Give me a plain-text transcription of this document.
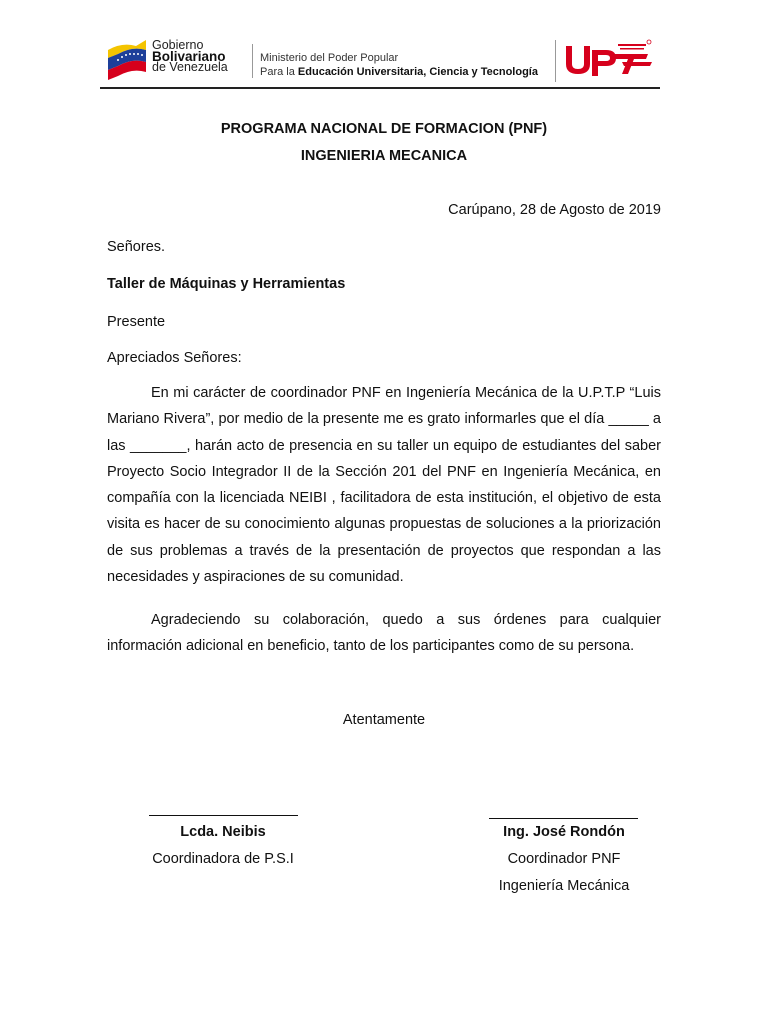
Gobierno
Bolivariano
de Venezuela
Ministerio del Poder Popular
Para la Educación Universitaria, Ciencia y Tecnología
PROGRAMA NACIONAL DE FORMACION (PNF)
INGENIERIA MECANICA
Carúpano, 28 de Agosto de 2019
Señores.
Taller de Máquinas y Herramientas
Presente
Apreciados Señores:
En mi carácter de coordinador PNF en Ingeniería Mecánica de la U.P.T.P “Luis Mariano Rivera”, por medio de la presente me es grato informarles que el día _____ a las _______, harán acto de presencia en su taller un equipo de estudiantes del saber Proyecto Socio Integrador II de la Sección 201 del PNF en Ingeniería Mecánica, en compañía con la licenciada NEIBI , facilitadora de esta institución, el objetivo de esta visita es hacer de su conocimiento algunas propuestas de soluciones a la priorización de sus problemas a través de la presentación de proyectos que respondan a las necesidades y aspiraciones de su comunidad.
Agradeciendo su colaboración, quedo a sus órdenes para cualquier información adicional en beneficio, tanto de los participantes como de su persona.
Atentamente
Lcda. Neibis
Coordinadora de P.S.I
Ing. José Rondón
Coordinador PNF
Ingeniería Mecánica
